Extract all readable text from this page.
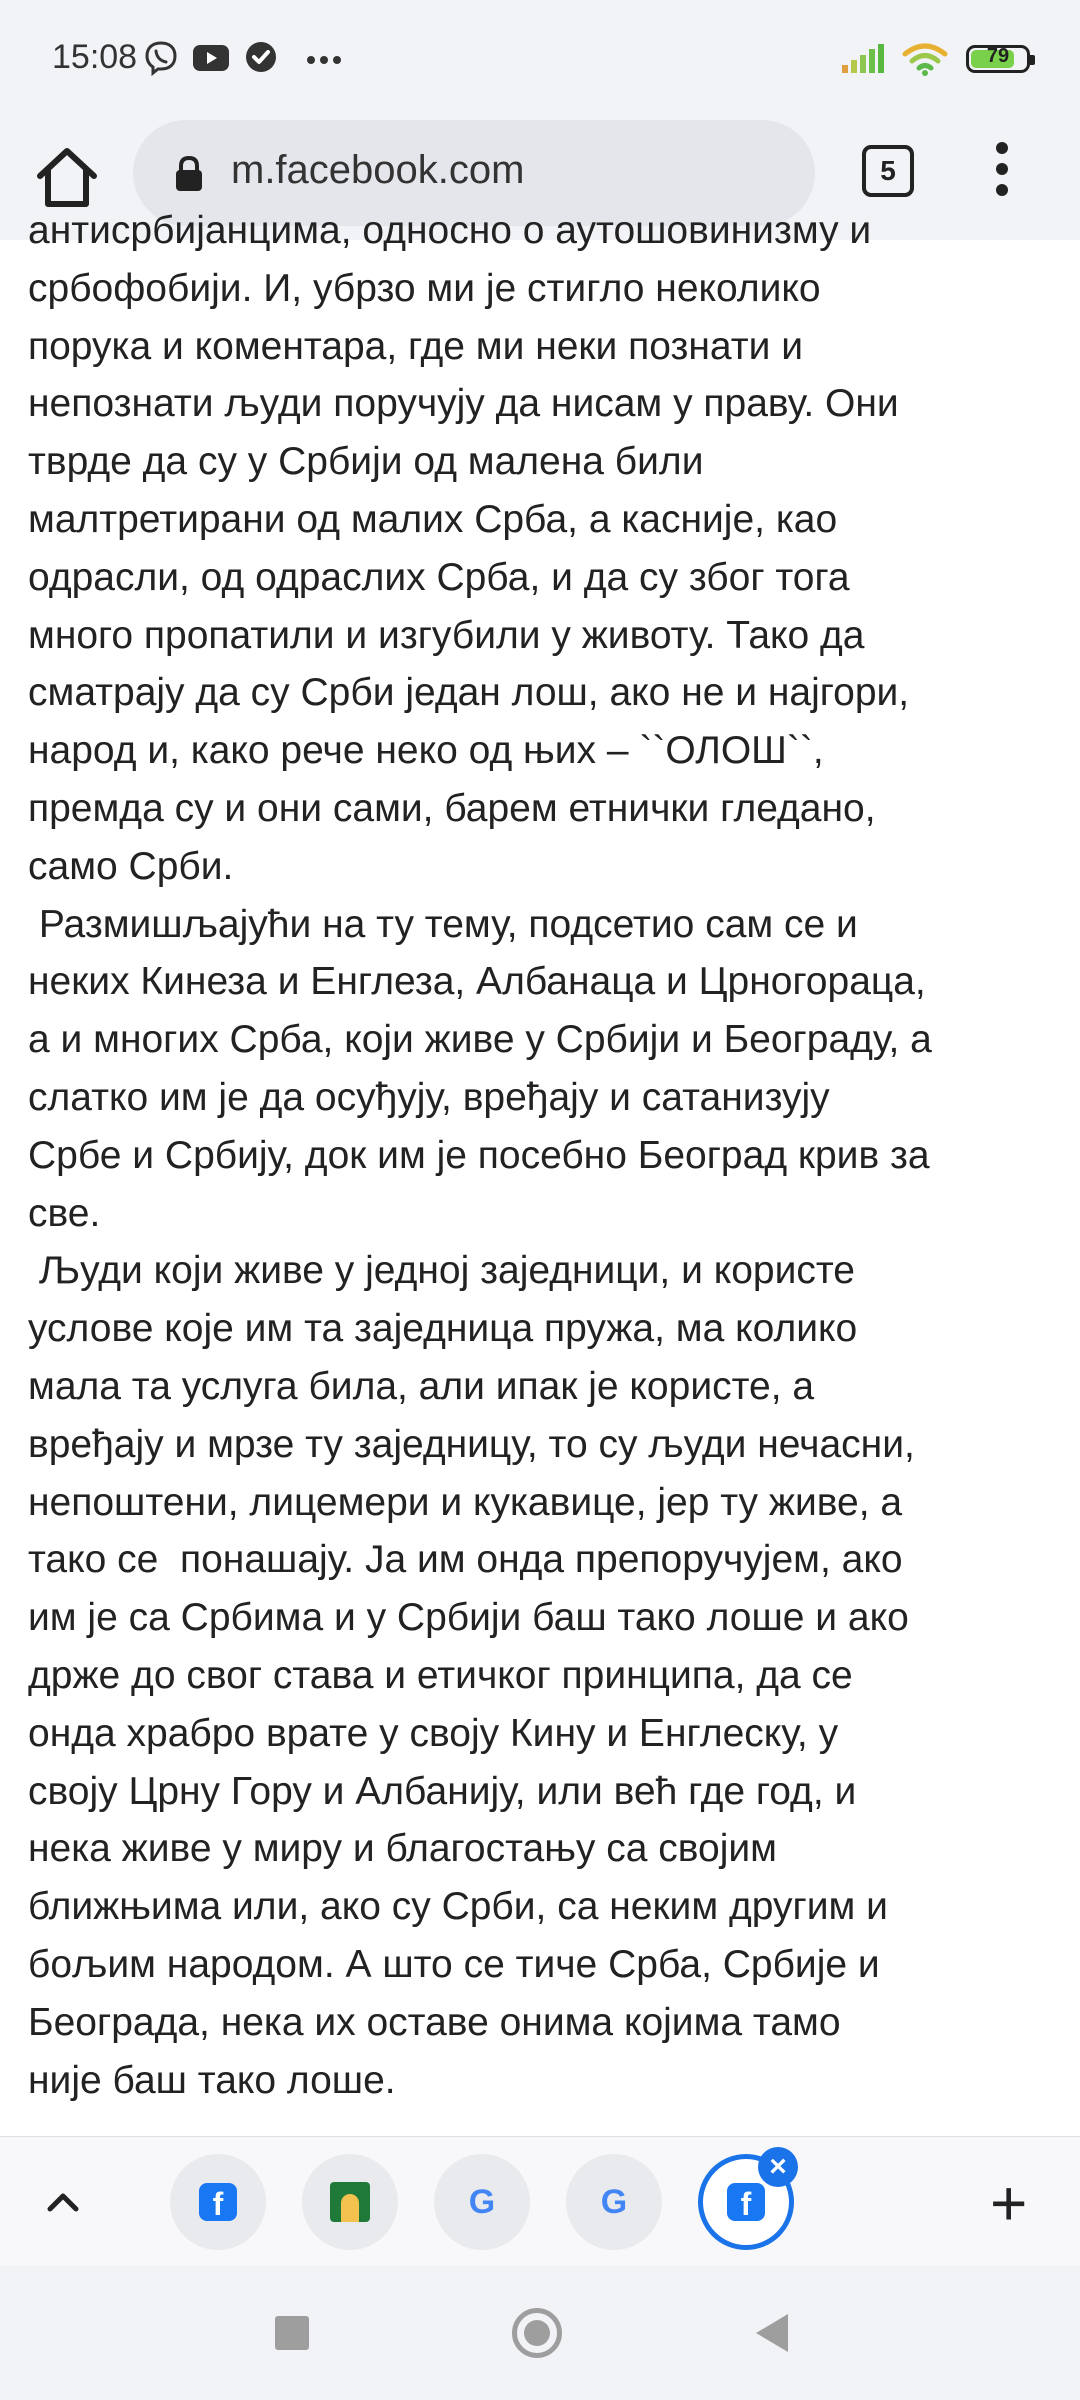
15:08	79
m.facebook.com	5

антисрбијанцима, односно о аутошовинизму и

србофобији. И, убрзо ми је стигло неколико
порука и коментара, где ми неки познати и
непознати људи поручују да нисам у праву. Они
тврде да су у Србији од малена били
малтретирани од малих Срба, а касније, као
одрасли, од одраслих Срба, и да су због тога
много пропатили и изгубили у животу. Тако да
сматрају да су Срби један лош, ако не и најгори,
народ и, како рече неко од њих – ``ОЛОШ``,
премда су и они сами, барем етнички гледано,
само Срби.

Размишљајући на ту тему, подсетио сам се и
неких Кинеза и Енглеза, Албанаца и Црногораца,
а и многих Срба, који живе у Србији и Београду, а
слатко им је да осуђују, вређају и сатанизују
Србе и Србију, док им је посебно Београд крив за
све.

Људи који живе у једној заједници, и користе
услове које им та заједница пружа, ма колико
мала та услуга била, али ипак је користе, а
вређају и мрзе ту заједницу, то су људи нечасни,
непоштени, лицемери и кукавице, јер ту живе, а
тако се  понашају. Ја им онда препоручујем, ако
им је са Србима и у Србији баш тако лоше и ако
држе до свог става и етичког принципа, да се
онда храбро врате у своју Кину и Енглеску, у
своју Црну Гору и Албанију, или већ где год, и
нека живе у миру и благостању са својим
ближњима или, ако су Срби, са неким другим и
бољим народом. А што се тиче Срба, Србије и
Београда, нека их оставе онима којима тамо
није баш тако лоше.

f	G	G	f
×
+
